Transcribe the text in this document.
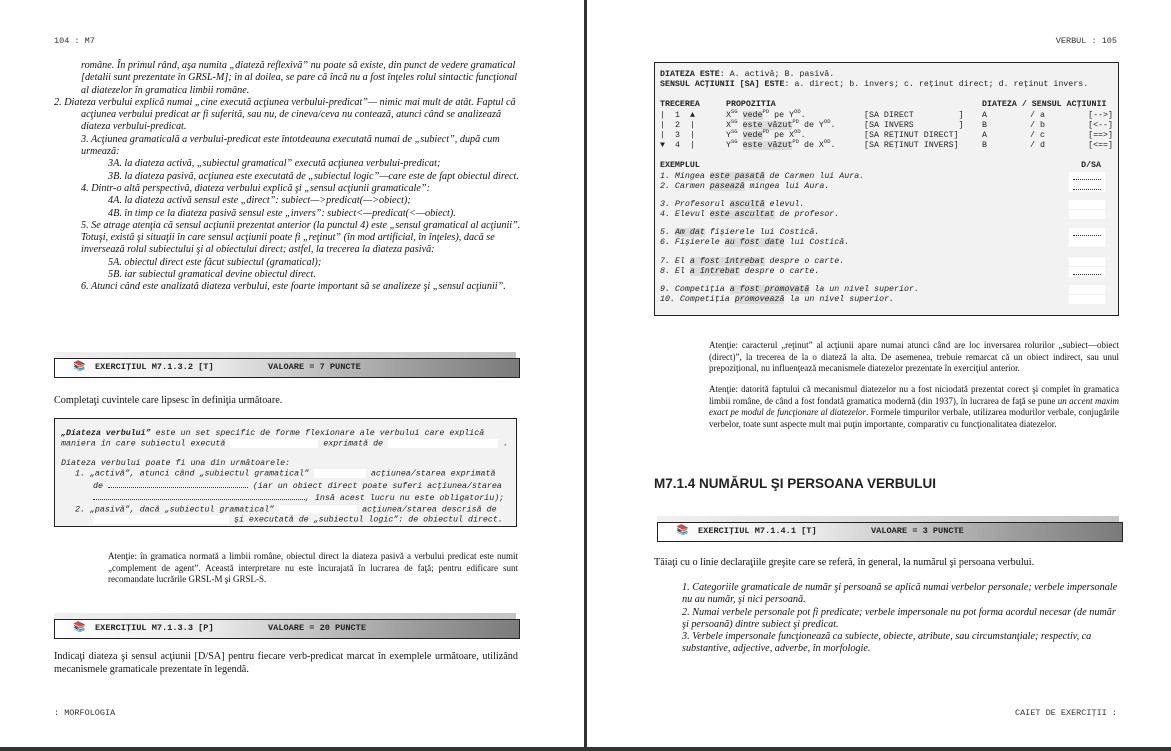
104 : M7

române. În primul rând, aşa numita „diateză reflexivă” nu poate să existe, din punct de vedere gramatical [detalii sunt prezentate în GRSL-M]; în al doilea, se pare că încă nu a fost înţeles rolul sintactic funcţional al diatezelor în gramatica limbii române.

2. Diateza verbului explică numai „cine execută acţiunea verbului-predicat”— nimic mai mult de atât. Faptul că acţiunea verbului predicat ar fi suferită, sau nu, de cineva/ceva nu contează, atunci când se analizează diateza verbului-predicat.

3. Acţiunea gramaticală a verbului-predicat este întotdeauna executată numai de „subiect”, după cum urmează:

3A. la diateza activă, „subiectul gramatical” execută acţiunea verbului-predicat;

3B. la diateza pasivă, acţiunea este executată de „subiectul logic”—care este de fapt obiectul direct.

4. Dintr-o altă perspectivă, diateza verbului explică şi „sensul acţiunii gramaticale”:

4A. la diateza activă sensul este „direct”: subiect—>predicat(—>obiect);

4B. în timp ce la diateza pasivă sensul este „invers”: subiect<—predicat(<—obiect).

5. Se atrage atenţia că sensul acţiunii prezentat anterior (la punctul 4) este „sensul gramatical al acţiunii”. Totuşi, există şi situaţii în care sensul acţiunii poate fi „reţinut” (în mod artificial, în înţeles), dacă se inversează rolul subiectului şi al obiectului direct; astfel, la trecerea la diateza pasivă:

5A. obiectul direct este făcut subiectul (gramatical);

5B. iar subiectul gramatical devine obiectul direct.

6. Atunci când este analizată diateza verbului, este foarte important să se analizeze şi „sensul acţiunii”.

📚 EXERCIŢIUL M7.1.3.2 [T]	VALOARE = 7 PUNCTE
Completaţi cuvintele care lipsesc în definiţia următoare.
„Diateza verbului” este un set specific de forme flexionare ale verbului care explică
maniera în care subiectul execută	exprimată de	.
Diateza verbului poate fi una din următoarele:
1. „activă”, atunci când „subiectul gramatical”	acţiunea/starea exprimată
de	(iar un obiect direct poate suferi acţiunea/starea
, însă acest lucru nu este obligatoriu);
2. „pasivă”, dacă „subiectul gramatical”	acţiunea/starea descrisă de
şi executată de „subiectul logic”: de obiectul direct.
Atenţie: în gramatica normată a limbii române, obiectul direct la diateza pasivă a verbului predicat este numit „complement de agent”. Această interpretare nu este încurajată în lucrarea de faţă; pentru edificare sunt recomandate lucrările GRSL-M şi GRSL-S.
📚 EXERCIŢIUL M7.1.3.3 [P]	VALOARE = 20 PUNCTE
Indicaţi diateza şi sensul acţiunii [D/SA] pentru fiecare verb-predicat marcat în exemplele următoare, utilizând mecanismele gramaticale prezentate în legendă.
: MORFOLOGIA
VERBUL : 105
DIATEZA ESTE: A. activă; B. pasivă.
SENSUL ACŢIUNII [SA] ESTE: a. direct; b. invers; c. reţinut direct; d. reţinut invers.

TRECEREA

	PROPOZITIA

	DIATEZA / SENSUL ACŢIUNII

| 1 ▲	$X^{SG}$ vede$^{PD}$ pe $Y^{OD}$.	[SA DIRECT         ] A	/ a	[-->]
| 2 |	$X^{SG}$ este văzut$^{PD}$ de $Y^{OD}$.	[SA INVERS         ] B	/ b	[<--]
| 3 |	$Y^{SG}$ vede$^{PD}$ pe $X^{OD}$.	[SA REŢINUT DIRECT]	A	/ c	[==>]
▼ 4 |	$Y^{SG}$ este văzut$^{PD}$ de $X^{OD}$.	[SA REŢINUT INVERS]	B	/ d	[<==]

EXEMPLUL

	D/SA

1. Mingea este pasată de Carmen lui Aura.
2. Carmen pasează mingea lui Aura.
3. Profesorul ascultă elevul.
4. Elevul este ascultat de profesor.
5. Am dat fişierele lui Costică.
6. Fişierele au fost date lui Costică.
7. El a fost întrebat despre o carte.
8. El a întrebat despre o carte.
9. Competiţia a fost promovată la un nivel superior.
10. Competiţia promovează la un nivel superior.
Atenţie: caracterul „reţinut” al acţiunii apare numai atunci când are loc inversarea rolurilor „subiect—obiect (direct)”, la trecerea de la o diateză la alta. De asemenea, trebuie remarcat că un obiect indirect, sau unul prepoziţional, nu influenţează mecanismele diatezelor prezentate în exerciţiul anterior.
Atenţie: datorită faptului că mecanismul diatezelor nu a fost niciodată prezentat corect şi complet în gramatica limbii române, de când a fost fondată gramatica modernă (din 1937), în lucrarea de faţă se pune un accent maxim exact pe modul de funcţionare al diatezelor. Formele timpurilor verbale, utilizarea modurilor verbale, conjugările verbelor, toate sunt aspecte mult mai puţin importante, comparativ cu funcţionalitatea diatezelor.
M7.1.4 NUMĂRUL ŞI PERSOANA VERBULUI
📚 EXERCIŢIUL M7.1.4.1 [T]	VALOARE = 3 PUNCTE
Tăiaţi cu o linie declaraţiile greşite care se referă, în general, la numărul şi persoana verbului.

1. Categoriile gramaticale de număr şi persoană se aplică numai verbelor personale; verbele impersonale nu au număr, şi nici persoană.

2. Numai verbele personale pot fi predicate; verbele impersonale nu pot forma acordul necesar (de număr şi persoană) dintre subiect şi predicat.

3. Verbele impersonale funcţionează ca subiecte, obiecte, atribute, sau circumstanţiale; respectiv, ca substantive, adjective, adverbe, în morfologie.

CAIET DE EXERCIŢII :
